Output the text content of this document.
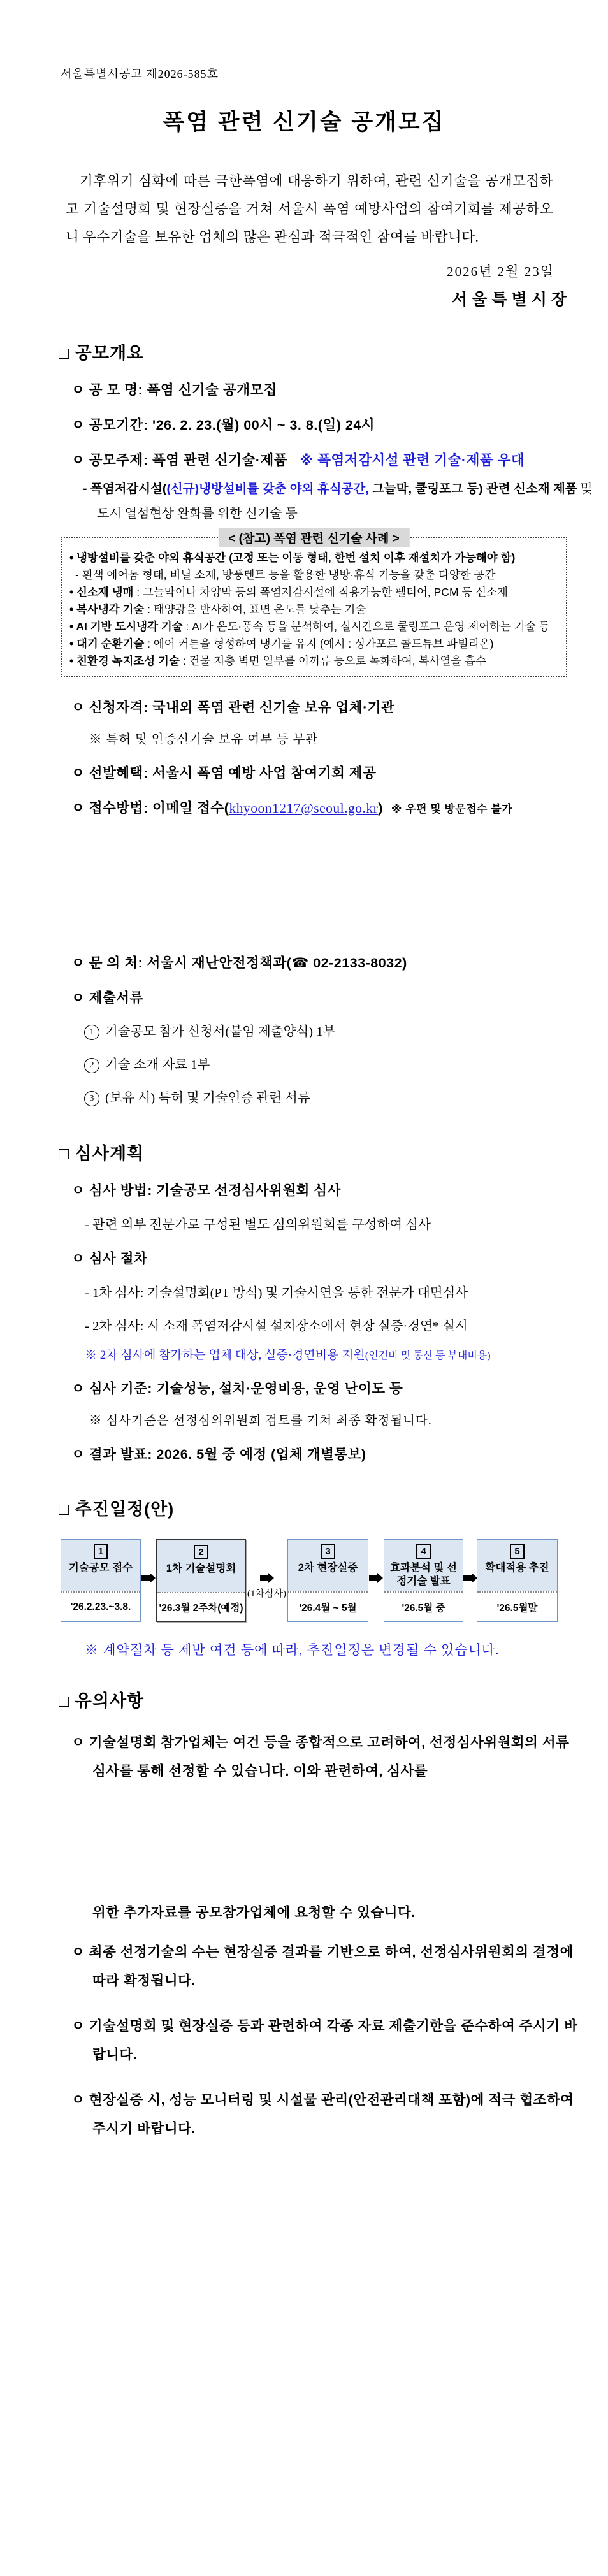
서울특별시공고 제2026-585호
폭염 관련 신기술 공개모집
기후위기 심화에 따른 극한폭염에 대응하기 위하여, 관련 신기술을 공개모집하고 기술설명회 및 현장실증을 거쳐 서울시 폭염 예방사업의 참여기회를 제공하오니 우수기술을 보유한 업체의 많은 관심과 적극적인 참여를 바랍니다.
2026년 2월 23일
서울특별시장
□ 공모개요
ㅇ 공 모 명: 폭염 신기술 공개모집
ㅇ 공모기간: '26. 2. 23.(월) 00시 ~ 3. 8.(일) 24시
ㅇ 공모주제: 폭염 관련 신기술·제품 ※ 폭염저감시설 관련 기술·제품 우대
- 폭염저감시설((신규)냉방설비를 갖춘 야외 휴식공간, 그늘막, 쿨링포그 등) 관련 신소재 제품 및
도시 열섬현상 완화를 위한 신기술 등
< (참고) 폭염 관련 신기술 사례 >
• 냉방설비를 갖춘 야외 휴식공간 (고정 또는 이동 형태, 한번 설치 이후 재설치가 가능해야 함)
- 흰색 에어돔 형태, 비닐 소재, 방풍텐트 등을 활용한 냉방·휴식 기능을 갖춘 다양한 공간
• 신소재 냉매 : 그늘막이나 차양막 등의 폭염저감시설에 적용가능한 펠티어, PCM 등 신소재
• 복사냉각 기술 : 태양광을 반사하여, 표면 온도를 낮추는 기술
• AI 기반 도시냉각 기술 : AI가 온도·풍속 등을 분석하여, 실시간으로 쿨링포그 운영 제어하는 기술 등
• 대기 순환기술 : 에어 커튼을 형성하여 냉기를 유지 (예시 : 싱가포르 콜드튜브 파빌리온)
• 친환경 녹지조성 기술 : 건물 저층 벽면 일부를 이끼류 등으로 녹화하여, 복사열을 흡수
ㅇ 신청자격: 국내외 폭염 관련 신기술 보유 업체·기관
※ 특허 및 인증신기술 보유 여부 등 무관
ㅇ 선발혜택: 서울시 폭염 예방 사업 참여기회 제공
ㅇ 접수방법: 이메일 접수(khyoon1217@seoul.go.kr) ※ 우편 및 방문접수 불가
ㅇ 문 의 처: 서울시 재난안전정책과(☎ 02-2133-8032)
ㅇ 제출서류
1 기술공모 참가 신청서(붙임 제출양식) 1부
2 기술 소개 자료 1부
3 (보유 시) 특허 및 기술인증 관련 서류
□ 심사계획
ㅇ 심사 방법: 기술공모 선정심사위원회 심사
- 관련 외부 전문가로 구성된 별도 심의위원회를 구성하여 심사
ㅇ 심사 절차
- 1차 심사: 기술설명회(PT 방식) 및 기술시연을 통한 전문가 대면심사
- 2차 심사: 시 소재 폭염저감시설 설치장소에서 현장 실증·경연* 실시
※ 2차 심사에 참가하는 업체 대상, 실증·경연비용 지원(인건비 및 통신 등 부대비용)
ㅇ 심사 기준: 기술성능, 설치·운영비용, 운영 난이도 등
※ 심사기준은 선정심의위원회 검토를 거쳐 최종 확정됩니다.
ㅇ 결과 발표: 2026. 5월 중 예정 (업체 개별통보)
□ 추진일정(안)
1
기술공모 접수
'26.2.23.~3.8.
2
1차 기술설명회
'26.3월 2주차(예정)
(1차심사)
3
2차 현장실증
'26.4월 ~ 5월
4
효과분석 및 선정기술 발표
'26.5월 중
5
확대적용 추진
'26.5월말
※ 계약절차 등 제반 여건 등에 따라, 추진일정은 변경될 수 있습니다.
□ 유의사항
ㅇ 기술설명회 참가업체는 여건 등을 종합적으로 고려하여, 선정심사위원회의 서류심사를 통해 선정할 수 있습니다. 이와 관련하여, 심사를
위한 추가자료를 공모참가업체에 요청할 수 있습니다.
ㅇ 최종 선정기술의 수는 현장실증 결과를 기반으로 하여, 선정심사위원회의 결정에 따라 확정됩니다.
ㅇ 기술설명회 및 현장실증 등과 관련하여 각종 자료 제출기한을 준수하여 주시기 바랍니다.
ㅇ 현장실증 시, 성능 모니터링 및 시설물 관리(안전관리대책 포함)에 적극 협조하여 주시기 바랍니다.
